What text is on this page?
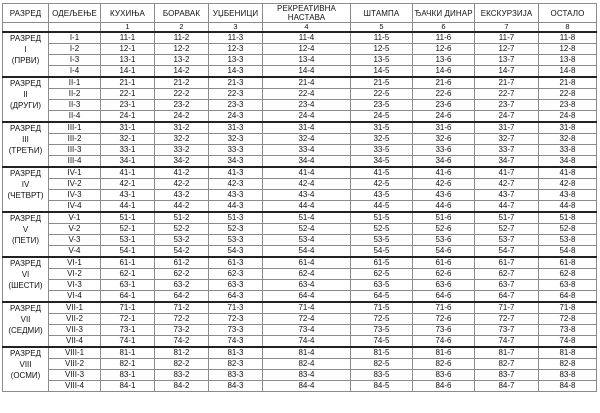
РАЗРЕД	ОДЕЉЕЊЕ	КУХИЊА	БОРАВАК	УЏБЕНИЦИ	РЕКРЕАТИВНА НАСТАВА	ШТАМПА	ЂАЧКИ ДИНАР	ЕКСКУРЗИЈА	ОСТАЛО
		1	2	3	4	5	6	7	8

РАЗРЕД
I
(ПРВИ)	I-1	11-1	11-2	11-3	11-4	11-5	11-6	11-7	11-8
	I-2	12-1	12-2	12-3	12-4	12-5	12-6	12-7	12-8
	I-3	13-1	13-2	13-3	13-4	13-5	13-6	13-7	13-8
	I-4	14-1	14-2	14-3	14-4	14-5	14-6	14-7	14-8

РАЗРЕД
II
(ДРУГИ)	II-1	21-1	21-2	21-3	21-4	21-5	21-6	21-7	21-8
	II-2	22-1	22-2	22-3	22-4	22-5	22-6	22-7	22-8
	II-3	23-1	23-2	23-3	23-4	23-5	23-6	23-7	23-8
	II-4	24-1	24-2	24-3	24-4	24-5	24-6	24-7	24-8

РАЗРЕД
III
(ТРЕЋИ)	III-1	31-1	31-2	31-3	31-4	31-5	31-6	31-7	31-8
	III-2	32-1	32-2	32-3	32-4	32-5	32-6	32-7	32-8
	III-3	33-1	33-2	33-3	33-4	33-5	33-6	33-7	33-8
	III-4	34-1	34-2	34-3	34-4	34-5	34-6	34-7	34-8

РАЗРЕД
IV
(ЧЕТВРТ)	IV-1	41-1	41-2	41-3	41-4	41-5	41-6	41-7	41-8
	IV-2	42-1	42-2	42-3	42-4	42-5	42-6	42-7	42-8
	IV-3	43-1	43-2	43-3	43-4	43-5	43-6	43-7	43-8
	IV-4	44-1	44-2	44-3	44-4	44-5	44-6	44-7	44-8

РАЗРЕД
V
(ПЕТИ)	V-1	51-1	51-2	51-3	51-4	51-5	51-6	51-7	51-8
	V-2	52-1	52-2	52-3	52-4	52-5	52-6	52-7	52-8
	V-3	53-1	53-2	53-3	53-4	53-5	53-6	53-7	53-8
	V-4	54-1	54-2	54-3	54-4	54-5	54-6	54-7	54-8

РАЗРЕД
VI
(ШЕСТИ)	VI-1	61-1	61-2	61-3	61-4	61-5	61-6	61-7	61-8
	VI-2	62-1	62-2	62-3	62-4	62-5	62-6	62-7	62-8
	VI-3	63-1	63-2	63-3	63-4	63-5	63-6	63-7	63-8
	VI-4	64-1	64-2	64-3	64-4	64-5	64-6	64-7	64-8

РАЗРЕД
VII
(СЕДМИ)	VII-1	71-1	71-2	71-3	71-4	71-5	71-6	71-7	71-8
	VII-2	72-1	72-2	72-3	72-4	72-5	72-6	72-7	72-8
	VII-3	73-1	73-2	73-3	73-4	73-5	73-6	73-7	73-8
	VII-4	74-1	74-2	74-3	74-4	74-5	74-6	74-7	74-8

РАЗРЕД
VIII
(ОСМИ)	VIII-1	81-1	81-2	81-3	81-4	81-5	81-6	81-7	81-8
	VIII-2	82-1	82-2	82-3	82-4	82-5	82-6	82-7	82-8
	VIII-3	83-1	83-2	83-3	83-4	83-5	83-6	83-7	83-8
	VIII-4	84-1	84-2	84-3	84-4	84-5	84-6	84-7	84-8
